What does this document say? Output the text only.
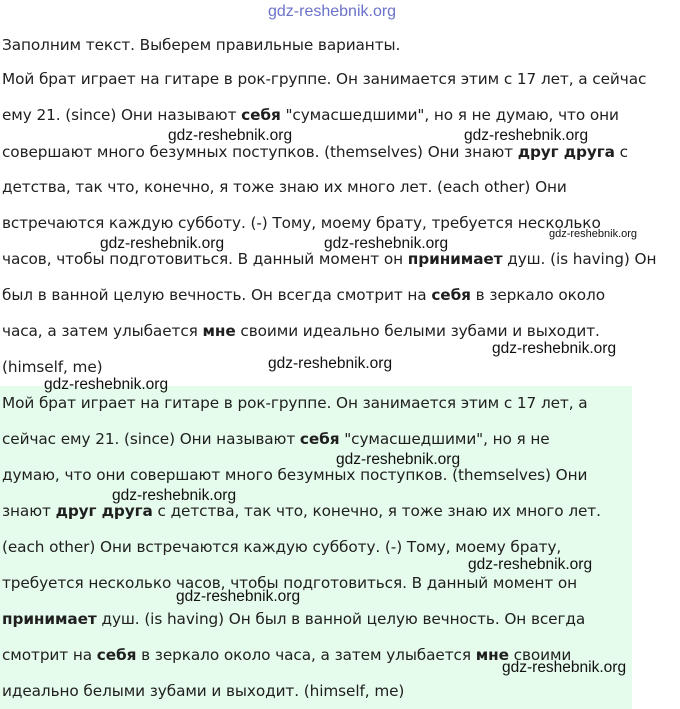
Заполним текст. Выберем правильные варианты.
Мой брат играет на гитаре в рок-группе. Он занимается этим с 17 лет, а сейчас
ему 21. (since) Они называют себя "сумасшедшими", но я не думаю, что они
совершают много безумных поступков. (themselves) Они знают друг друга с
детства, так что, конечно, я тоже знаю их много лет. (each other) Они
встречаются каждую субботу. (-) Тому, моему брату, требуется несколько
часов, чтобы подготовиться. В данный момент он принимает душ. (is having) Он
был в ванной целую вечность. Он всегда смотрит на себя в зеркало около
часа, а затем улыбается мне своими идеально белыми зубами и выходит.
(himself, me)
Мой брат играет на гитаре в рок-группе. Он занимается этим с 17 лет, а
сейчас ему 21. (since) Они называют себя "сумасшедшими", но я не
думаю, что они совершают много безумных поступков. (themselves) Они
знают друг друга с детства, так что, конечно, я тоже знаю их много лет.
(each other) Они встречаются каждую субботу. (-) Тому, моему брату,
требуется несколько часов, чтобы подготовиться. В данный момент он
принимает душ. (is having) Он был в ванной целую вечность. Он всегда
смотрит на себя в зеркало около часа, а затем улыбается мне своими
идеально белыми зубами и выходит. (himself, me)
gdz-reshebnik.org
gdz-reshebnik.org	gdz-reshebnik.org
gdz-reshebnik.org
gdz-reshebnik.org	gdz-reshebnik.org
gdz-reshebnik.org
gdz-reshebnik.org
gdz-reshebnik.org
gdz-reshebnik.org
gdz-reshebnik.org
gdz-reshebnik.org
gdz-reshebnik.org
gdz-reshebnik.org
